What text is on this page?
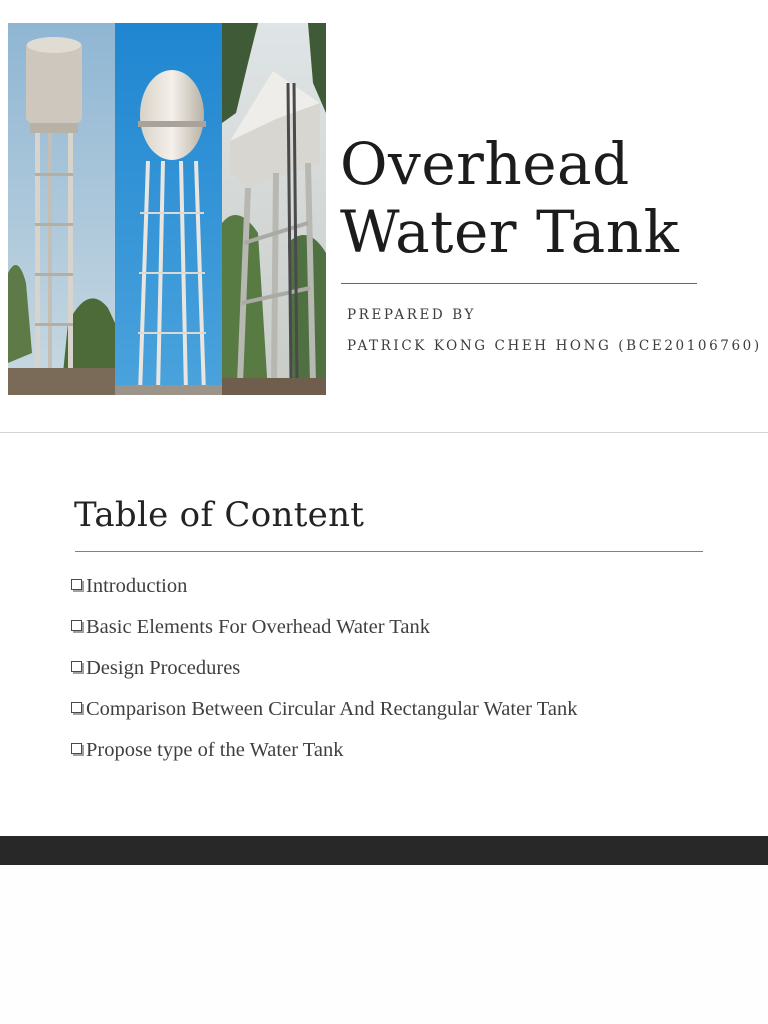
Overhead
Water Tank
PREPARED BY
PATRICK KONG CHEH HONG (BCE20106760)
Table of Content
Introduction
Basic Elements For Overhead Water Tank
Design Procedures
Comparison Between Circular And Rectangular Water Tank
Propose type of the Water Tank
